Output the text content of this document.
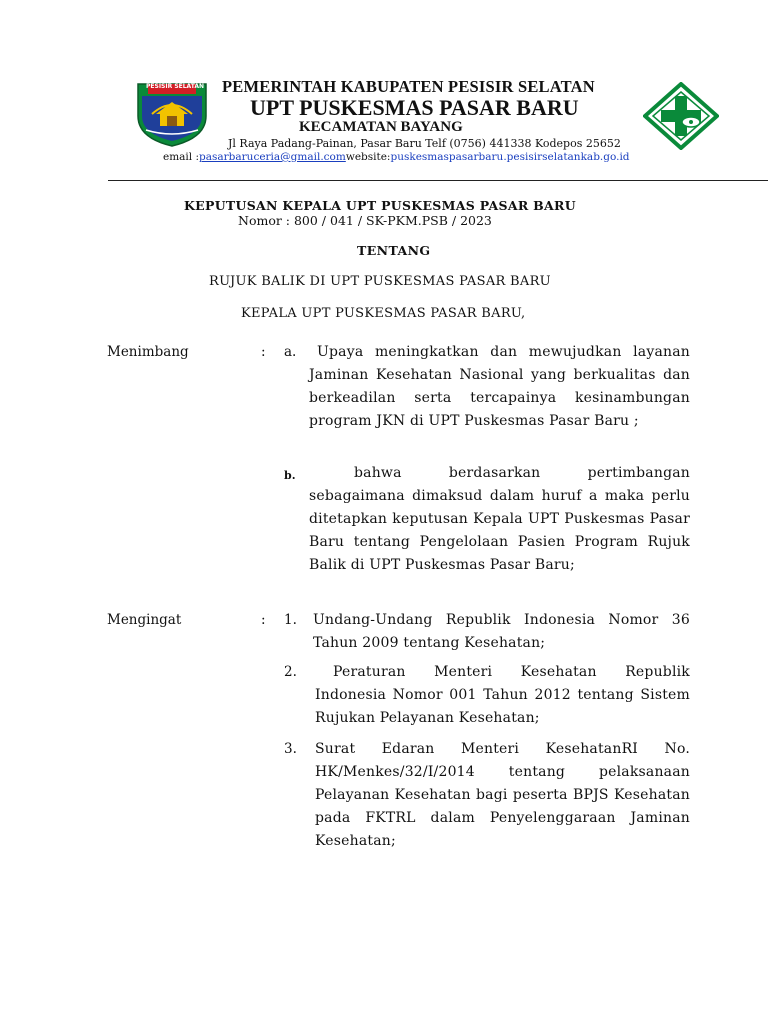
PESISIR SELATAN PEMERINTAH KABUPATEN PESISIR SELATAN
UPT PUSKESMAS PASAR BARU
KECAMATAN BAYANG
Jl Raya Padang-Painan, Pasar Baru Telf (0756) 441338 Kodepos 25652
email :pasarbaruceria@gmail.comwebsite:puskesmaspasarbaru.pesisirselatankab.go.id
KEPUTUSAN KEPALA UPT PUSKESMAS PASAR BARU
Nomor : 800 / 041 / SK-PKM.PSB / 2023
TENTANG
RUJUK BALIK DI UPT PUSKESMAS PASAR BARU
KEPALA UPT PUSKESMAS PASAR BARU,
Menimbang	: a.	Upaya meningkatkan dan mewujudkan layanan Jaminan Kesehatan Nasional yang berkualitas dan berkeadilan serta tercapainya kesinambungan program JKN di UPT Puskesmas Pasar Baru ;
b.	bahwa berdasarkan pertimbangan sebagaimana dimaksud dalam huruf a maka perlu ditetapkan keputusan Kepala UPT Puskesmas Pasar Baru tentang Pengelolaan Pasien Program Rujuk Balik di UPT Puskesmas Pasar Baru;
Mengingat	: 1. Undang-Undang Republik Indonesia Nomor 36 Tahun 2009 tentang Kesehatan;
2.	Peraturan Menteri Kesehatan Republik Indonesia Nomor 001 Tahun 2012 tentang Sistem Rujukan Pelayanan Kesehatan;
3. Surat Edaran Menteri KesehatanRI No. HK/Menkes/32/I/2014 tentang pelaksanaan Pelayanan Kesehatan bagi peserta BPJS Kesehatan pada FKTRL dalam Penyelenggaraan Jaminan Kesehatan;
